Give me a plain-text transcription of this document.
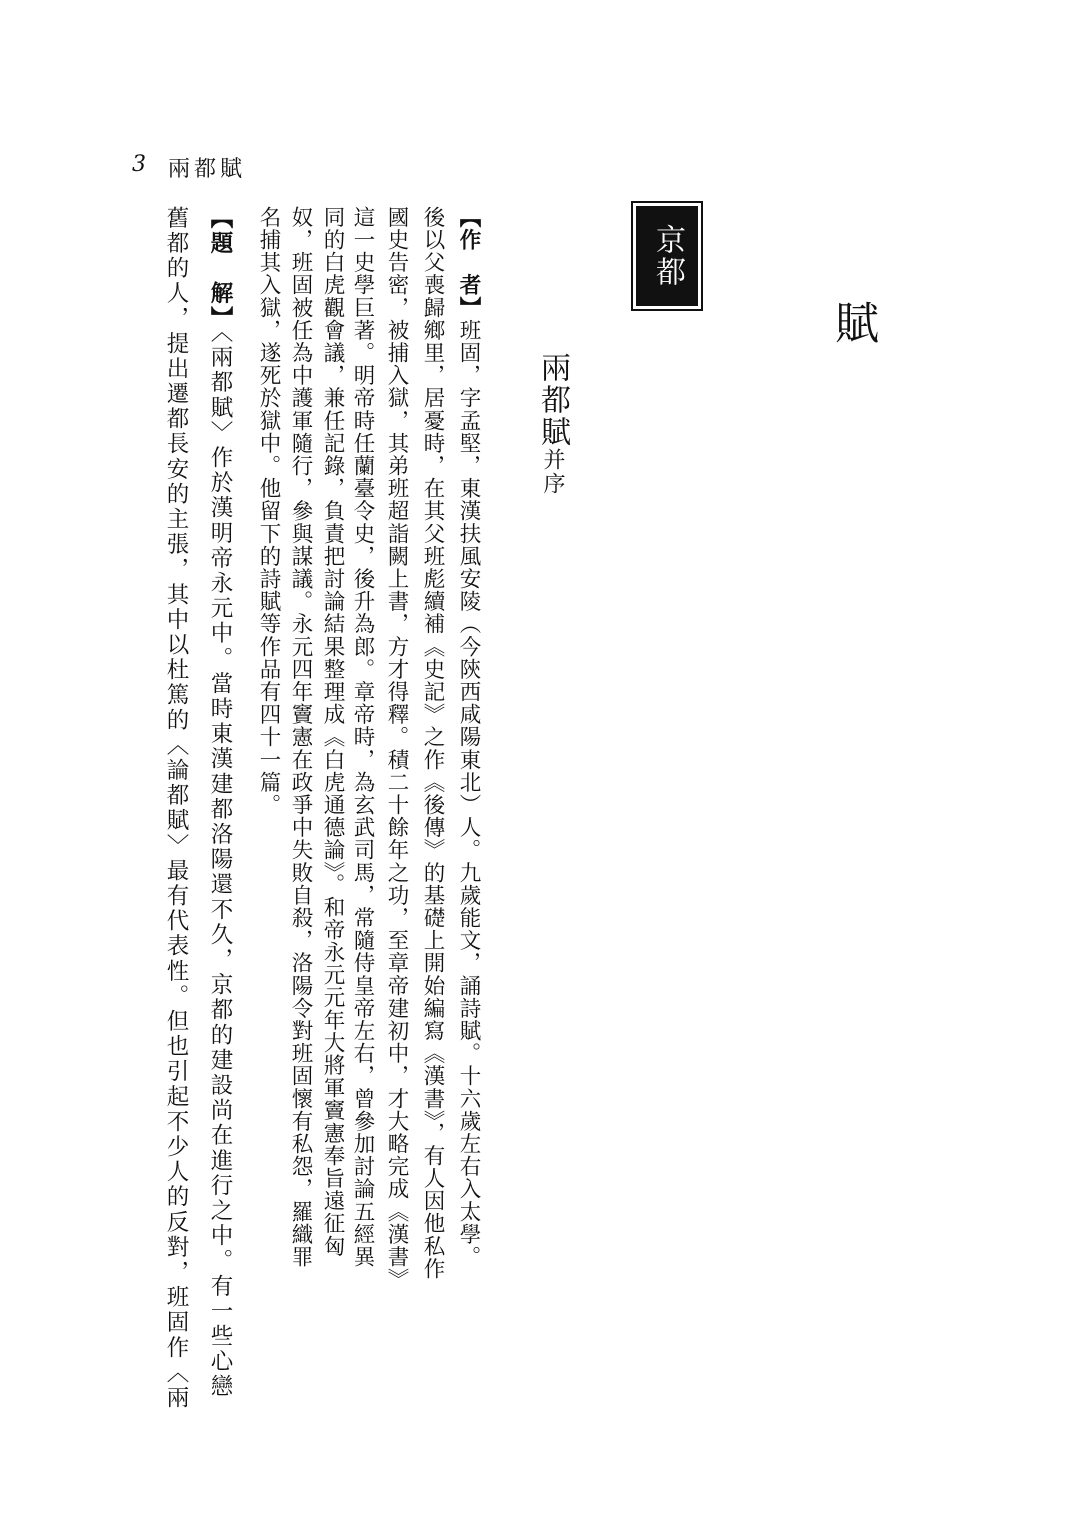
3 兩都賦
賦
京都
兩都賦并序
【作　者】班固，字孟堅，東漢扶風安陵（今陝西咸陽東北）人。九歲能文，誦詩賦。十六歲左右入太學。
後以父喪歸鄉里，居憂時，在其父班彪續補《史記》之作《後傳》的基礎上開始編寫《漢書》，有人因他私作
國史告密，被捕入獄，其弟班超詣闕上書，方才得釋。積二十餘年之功，至章帝建初中，才大略完成《漢書》
這一史學巨著。明帝時任蘭臺令史，後升為郎。章帝時，為玄武司馬，常隨侍皇帝左右，曾參加討論五經異
同的白虎觀會議，兼任記錄，負責把討論結果整理成《白虎通德論》。和帝永元元年大將軍竇憲奉旨遠征匈
奴，班固被任為中護軍隨行，參與謀議。永元四年竇憲在政爭中失敗自殺，洛陽令對班固懷有私怨，羅織罪
名捕其入獄，遂死於獄中。他留下的詩賦等作品有四十一篇。
【題　解】〈兩都賦〉作於漢明帝永元中。當時東漢建都洛陽還不久，京都的建設尚在進行之中。有一些心戀
舊都的人，提出遷都長安的主張，其中以杜篤的〈論都賦〉最有代表性。但也引起不少人的反對，班固作〈兩
